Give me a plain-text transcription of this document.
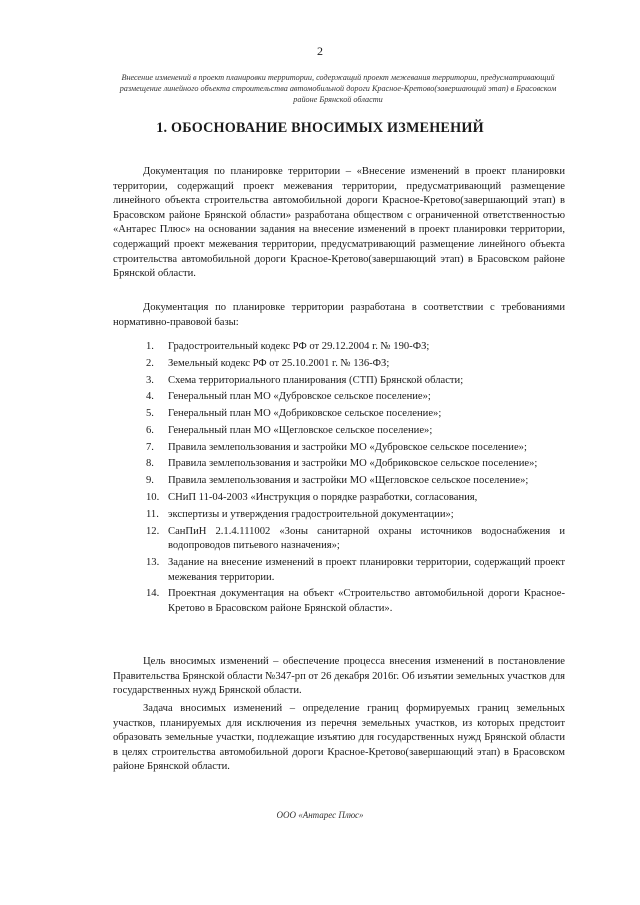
2
Внесение изменений в проект планировки территории, содержащий проект межевания территории, предусматривающий размещение линейного объекта строительства автомобильной дороги Красное-Кретово(завершающий этап) в Брасовском районе Брянской области
1. ОБОСНОВАНИЕ ВНОСИМЫХ ИЗМЕНЕНИЙ

Документация по планировке территории – «Внесение изменений в проект планировки территории, содержащий проект межевания территории, предусматривающий размещение линейного объекта строительства автомобильной дороги Красное-Кретово(завершающий этап) в Брасовском районе Брянской области» разработана обществом с ограниченной ответственностью «Антарес Плюс» на основании задания на внесение изменений в проект планировки территории, содержащий проект межевания территории, предусматривающий размещение линейного объекта строительства автомобильной дороги Красное-Кретово(завершающий этап) в Брасовском районе Брянской области.

Документация по планировке территории разработана в соответствии с требованиями нормативно-правовой базы:

1.	Градостроительный кодекс РФ от 29.12.2004 г. № 190-ФЗ;
2.	Земельный кодекс РФ от 25.10.2001 г. № 136-ФЗ;
3.	Схема территориального планирования (СТП) Брянской области;
4.	Генеральный план МО «Дубровское сельское поселение»;
5.	Генеральный план МО «Добриковское сельское поселение»;
6.	Генеральный план МО «Щегловское сельское поселение»;
7.	Правила землепользования и застройки МО «Дубровское сельское поселение»;
8.	Правила землепользования и застройки МО «Добриковское сельское поселение»;
9.	Правила землепользования и застройки МО «Щегловское сельское поселение»;
10. СНиП 11-04-2003 «Инструкция о порядке разработки, согласования,
11. экспертизы и утверждения градостроительной документации»;
12. СанПиН 2.1.4.111002 «Зоны санитарной охраны источников водоснабжения и водопроводов питьевого назначения»;
13. Задание на внесение изменений в проект планировки территории, содержащий проект межевания территории.
14. Проектная документация на объект «Строительство автомобильной дороги Красное-Кретово в Брасовском районе Брянской области».

Цель вносимых изменений – обеспечение процесса внесения изменений в постановление Правительства Брянской области №347-рп от 26 декабря 2016г. Об изъятии земельных участков для государственных нужд Брянской области.

Задача вносимых изменений – определение границ формируемых границ земельных участков, планируемых для исключения из перечня земельных участков, из которых предстоит образовать земельные участки, подлежащие изъятию для государственных нужд Брянской области в целях строительства автомобильной дороги Красное-Кретово(завершающий этап) в Брасовском районе Брянской области.

ООО «Антарес Плюс»
